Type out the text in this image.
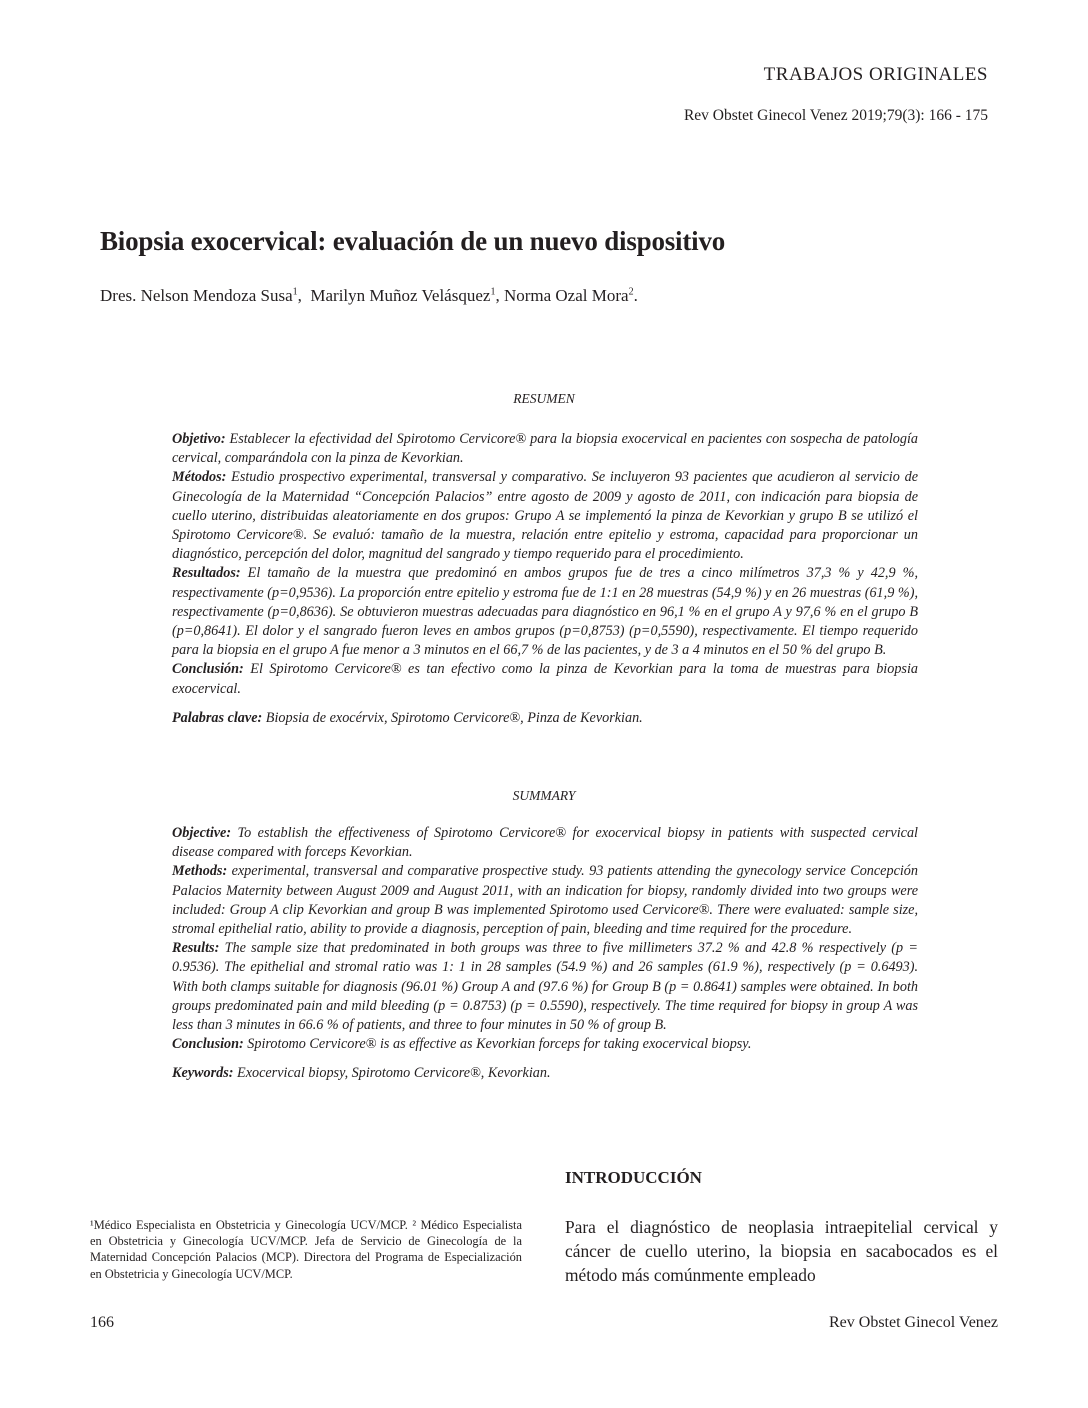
TRABAJOS ORIGINALES
Rev Obstet Ginecol Venez 2019;79(3): 166 - 175
Biopsia exocervical: evaluación de un nuevo dispositivo
Dres. Nelson Mendoza Susa$^1$,  Marilyn Muñoz Velásquez$^1$, Norma Ozal Mora$^2$.
RESUMEN

Objetivo: Establecer la efectividad del Spirotomo Cervicore® para la biopsia exocervical en pacientes con sospecha de patología cervical, comparándola con la pinza de Kevorkian.

Métodos: Estudio prospectivo experimental, transversal y comparativo. Se incluyeron 93 pacientes que acudieron al servicio de Ginecología de la Maternidad “Concepción Palacios” entre agosto de 2009 y agosto de 2011, con indicación para biopsia de cuello uterino, distribuidas aleatoriamente en dos grupos: Grupo A se implementó la pinza de Kevorkian y grupo B se utilizó el Spirotomo Cervicore®. Se evaluó: tamaño de la muestra, relación entre epitelio y estroma, capacidad para proporcionar un diagnóstico, percepción del dolor, magnitud del sangrado y tiempo requerido para el procedimiento.

Resultados: El tamaño de la muestra que predominó en ambos grupos fue de tres a cinco milímetros 37,3 % y 42,9 %, respectivamente (p=0,9536). La proporción entre epitelio y estroma fue de 1:1 en 28 muestras (54,9 %) y en 26 muestras (61,9 %), respectivamente (p=0,8636). Se obtuvieron muestras adecuadas para diagnóstico en 96,1 % en el grupo A y 97,6 % en el grupo B (p=0,8641). El dolor y el sangrado fueron leves en ambos grupos (p=0,8753) (p=0,5590), respectivamente. El tiempo requerido para la biopsia en el grupo A fue menor a 3 minutos en el 66,7 % de las pacientes, y de 3 a 4 minutos en el 50 % del grupo B.

Conclusión: El Spirotomo Cervicore® es tan efectivo como la pinza de Kevorkian para la toma de muestras para biopsia exocervical.

Palabras clave: Biopsia de exocérvix, Spirotomo Cervicore®, Pinza de Kevorkian.

SUMMARY

Objective: To establish the effectiveness of Spirotomo Cervicore® for exocervical biopsy in patients with suspected cervical disease compared with forceps Kevorkian.

Methods: experimental, transversal and comparative prospective study. 93 patients attending the gynecology service Concepción Palacios Maternity between August 2009 and August 2011, with an indication for biopsy, randomly divided into two groups were included: Group A clip Kevorkian and group B was implemented Spirotomo used Cervicore®. There were evaluated: sample size, stromal epithelial ratio, ability to provide a diagnosis, perception of pain, bleeding and time required for the procedure.

Results: The sample size that predominated in both groups was three to five millimeters 37.2 % and 42.8 % respectively (p = 0.9536). The epithelial and stromal ratio was 1: 1 in 28 samples (54.9 %) and 26 samples (61.9 %), respectively (p = 0.6493). With both clamps suitable for diagnosis (96.01 %) Group A and (97.6 %) for Group B (p = 0.8641) samples were obtained. In both groups predominated pain and mild bleeding (p = 0.8753) (p = 0.5590), respectively. The time required for biopsy in group A was less than 3 minutes in 66.6 % of patients, and three to four minutes in 50 % of group B.

Conclusion: Spirotomo Cervicore® is as effective as Kevorkian forceps for taking exocervical biopsy.

Keywords: Exocervical biopsy, Spirotomo Cervicore®, Kevorkian.

INTRODUCCIÓN
¹Médico Especialista en Obstetricia y Ginecología UCV/MCP. ² Médico Especialista en Obstetricia y Ginecología UCV/MCP. Jefa de Servicio de Ginecología de la Maternidad Concepción Palacios (MCP). Directora del Programa de Especialización en Obstetricia y Ginecología UCV/MCP.

Para el diagnóstico de neoplasia intraepitelial cervical y cáncer de cuello uterino, la biopsia en sacabocados es el método más comúnmente empleado

166	Rev Obstet Ginecol Venez
